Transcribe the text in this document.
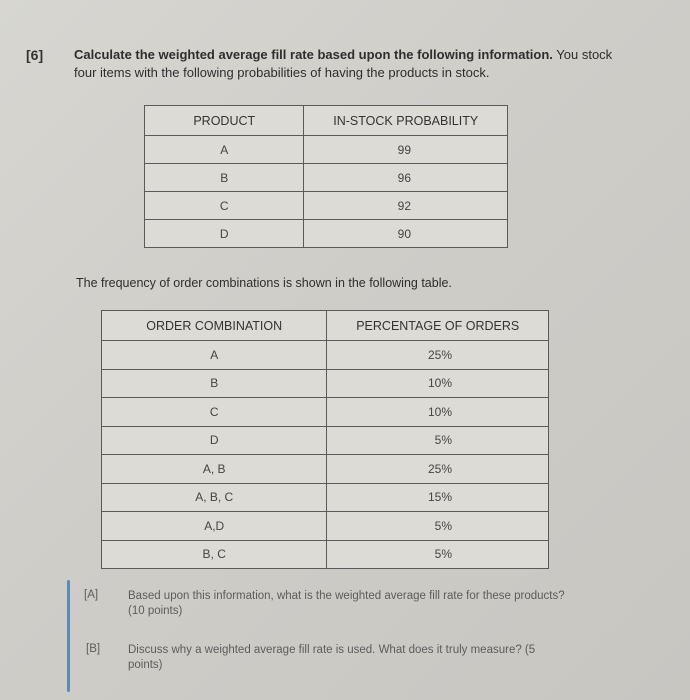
[6] Calculate the weighted average fill rate based upon the following information. You stock
four items with the following probabilities of having the products in stock.
PRODUCT	IN-STOCK PROBABILITY
A	99
B	96
C	92
D	90
The frequency of order combinations is shown in the following table.
ORDER COMBINATION	PERCENTAGE OF ORDERS
A	25%
B	10%
C	10%
D	5%
A, B	25%
A, B, C	15%
A,D	5%
B, C	5%
[A]	Based upon this information, what is the weighted average fill rate for these products?
(10 points)
[B] Discuss why a weighted average fill rate is used. What does it truly measure? (5
points)
